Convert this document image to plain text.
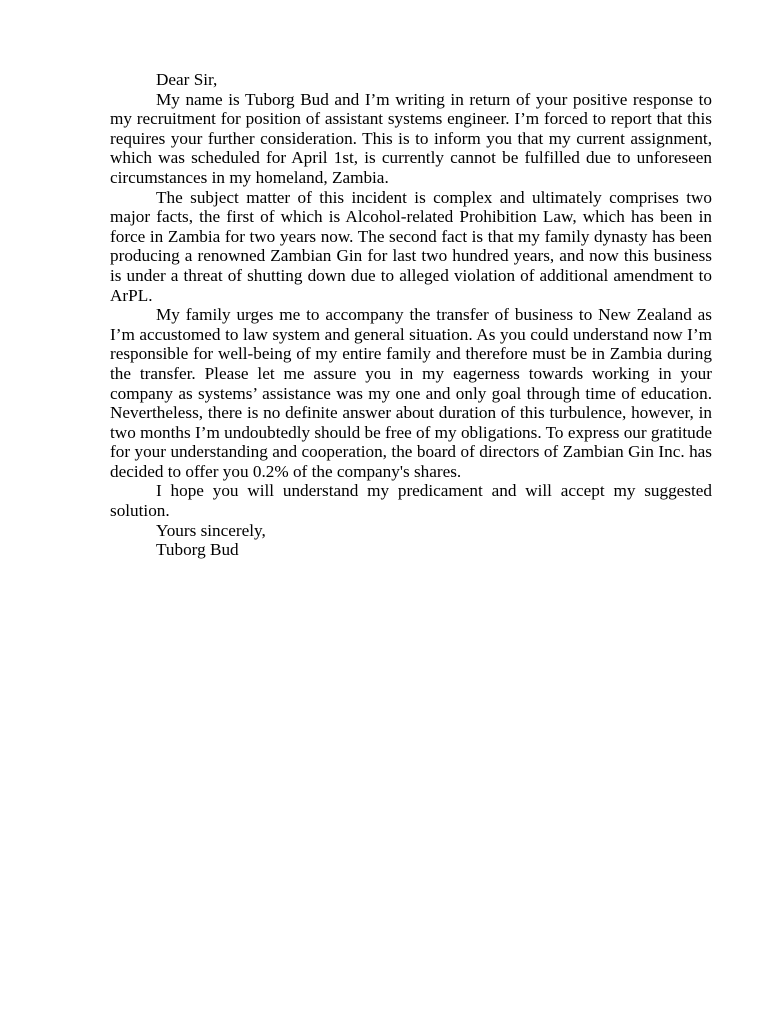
Dear Sir,

My name is Tuborg Bud and I’m writing in return of your positive response to my recruitment for position of assistant systems engineer. I’m forced to report that this requires your further consideration. This is to inform you that my current assignment, which was scheduled for April 1st, is currently cannot be fulfilled due to unforeseen circumstances in my homeland, Zambia.

The subject matter of this incident is complex and ultimately comprises two major facts, the first of which is Alcohol-related Prohibition Law, which has been in force in Zambia for two years now. The second fact is that my family dynasty has been producing a renowned Zambian Gin for last two hundred years, and now this business is under a threat of shutting down due to alleged violation of additional amendment to ArPL.

My family urges me to accompany the transfer of business to New Zealand as I’m accustomed to law system and general situation. As you could understand now I’m responsible for well-being of my entire family and therefore must be in Zambia during the transfer. Please let me assure you in my eagerness towards working in your company as systems’ assistance was my one and only goal through time of education. Nevertheless, there is no definite answer about duration of this turbulence, however, in two months I’m undoubtedly should be free of my obligations. To express our gratitude for your understanding and cooperation, the board of directors of Zambian Gin Inc. has decided to offer you 0.2% of the company's shares.

I hope you will understand my predicament and will accept my suggested solution.

Yours sincerely,

Tuborg Bud
